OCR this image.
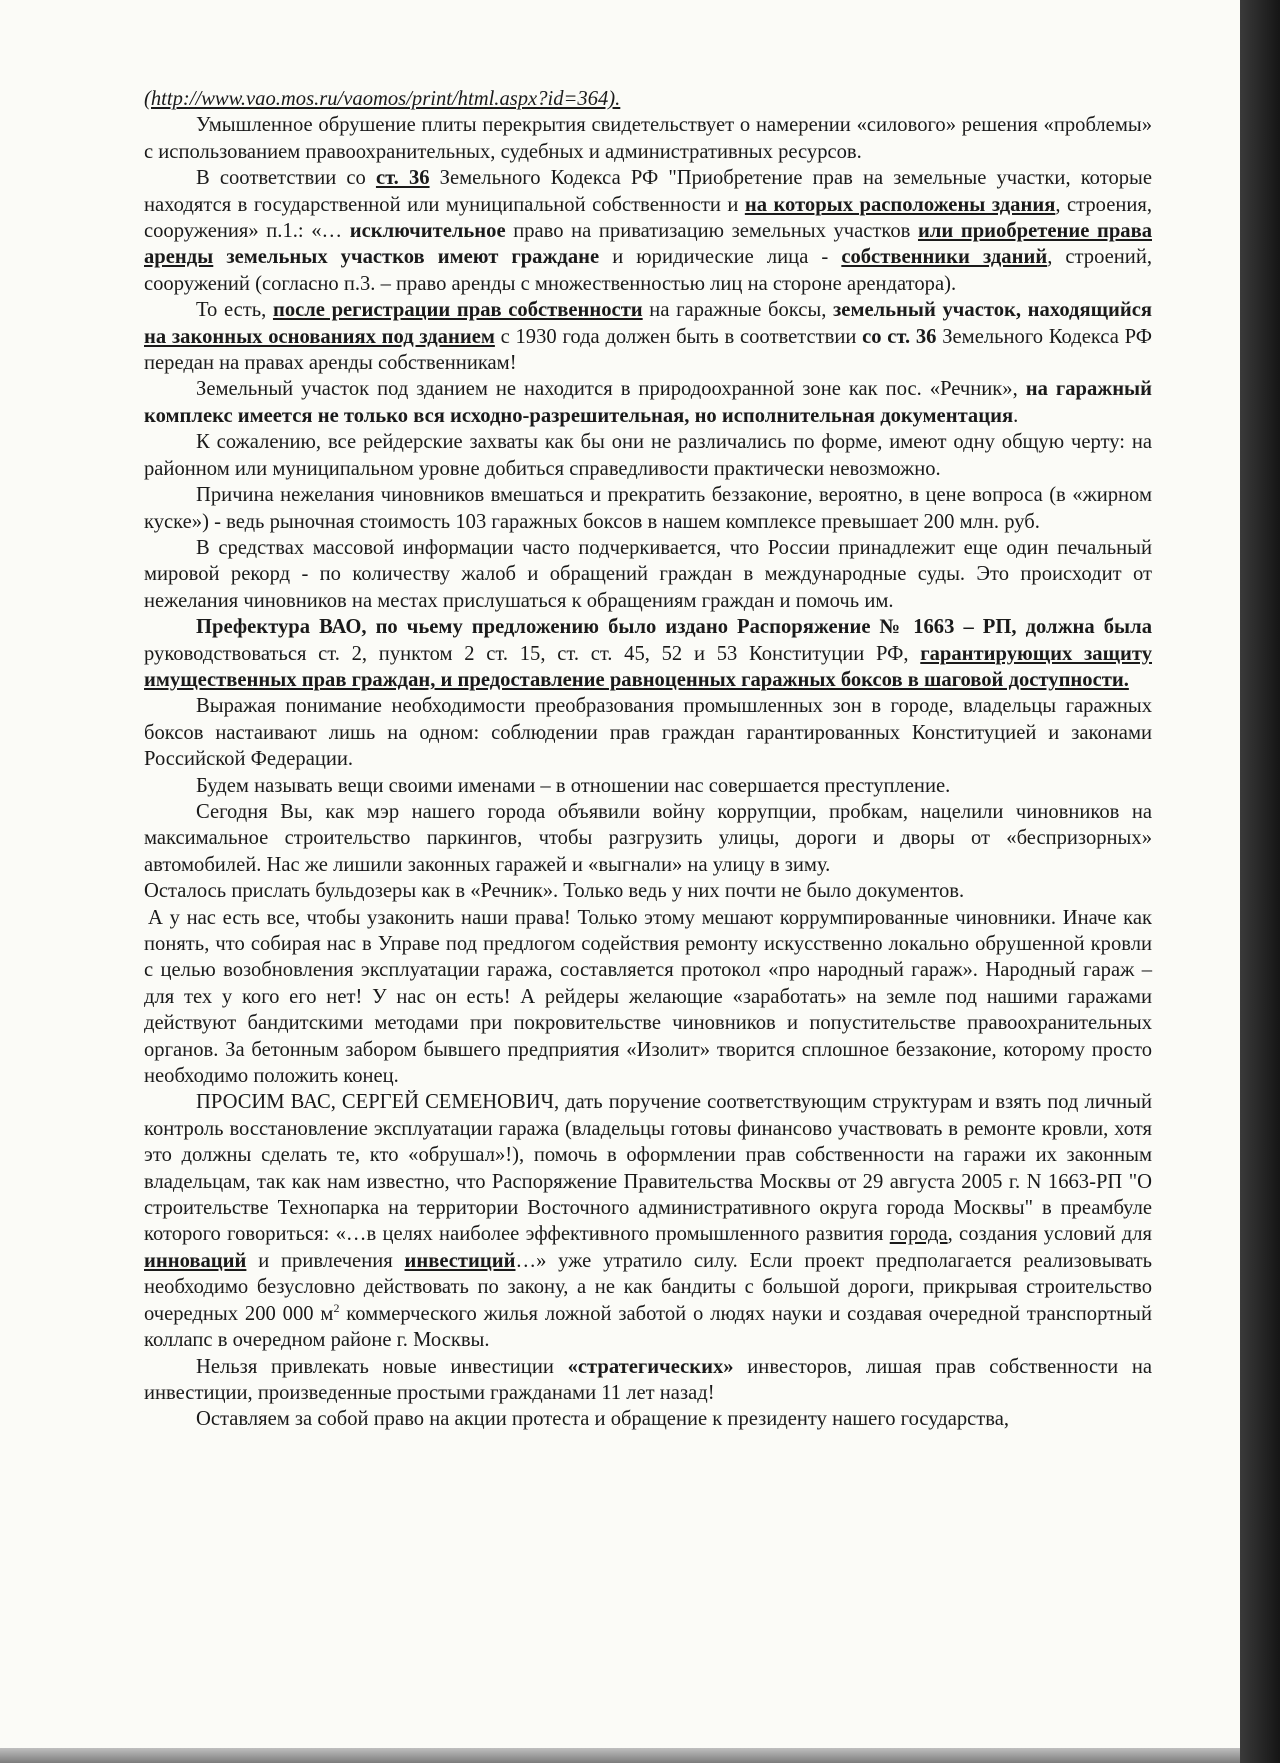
(http://www.vao.mos.ru/vaomos/print/html.aspx?id=364).

Умышленное обрушение плиты перекрытия свидетельствует о намерении «силового» решения «проблемы» с использованием правоохранительных, судебных и административных ресурсов.

В соответствии со ст. 36 Земельного Кодекса РФ "Приобретение прав на земельные участки, которые находятся в государственной или муниципальной собственности и на которых расположены здания, строения, сооружения» п.1.: «… исключительное право на приватизацию земельных участков или приобретение права аренды земельных участков имеют граждане и юридические лица - собственники зданий, строений, сооружений (согласно п.3. – право аренды с множественностью лиц на стороне арендатора).

То есть, после регистрации прав собственности на гаражные боксы, земельный участок, находящийся на законных основаниях под зданием с 1930 года должен быть в соответствии со ст. 36 Земельного Кодекса РФ передан на правах аренды собственникам!

Земельный участок под зданием не находится в природоохранной зоне как пос. «Речник», на гаражный комплекс имеется не только вся исходно-разрешительная, но исполнительная документация.

К сожалению, все рейдерские захваты как бы они не различались по форме, имеют одну общую черту: на районном или муниципальном уровне добиться справедливости практически невозможно.

Причина нежелания чиновников вмешаться и прекратить беззаконие, вероятно, в цене вопроса (в «жирном куске») - ведь рыночная стоимость 103 гаражных боксов в нашем комплексе превышает 200 млн. руб.

В средствах массовой информации часто подчеркивается, что России принадлежит еще один печальный мировой рекорд - по количеству жалоб и обращений граждан в международные суды. Это происходит от нежелания чиновников на местах прислушаться к обращениям граждан и помочь им.

Префектура ВАО, по чьему предложению было издано Распоряжение № 1663 – РП, должна была руководствоваться ст. 2, пунктом 2 ст. 15, ст. ст. 45, 52 и 53 Конституции РФ, гарантирующих защиту имущественных прав граждан, и предоставление равноценных гаражных боксов в шаговой доступности.

Выражая понимание необходимости преобразования промышленных зон в городе, владельцы гаражных боксов настаивают лишь на одном: соблюдении прав граждан гарантированных Конституцией и законами Российской Федерации.

Будем называть вещи своими именами – в отношении нас совершается преступление.

Сегодня Вы, как мэр нашего города объявили войну коррупции, пробкам, нацелили чиновников на максимальное строительство паркингов, чтобы разгрузить улицы, дороги и дворы от «беспризорных» автомобилей. Нас же лишили законных гаражей и «выгнали» на улицу в зиму.

Осталось прислать бульдозеры как в «Речник». Только ведь у них почти не было документов.

А у нас есть все, чтобы узаконить наши права! Только этому мешают коррумпированные чиновники. Иначе как понять, что собирая нас в Управе под предлогом содействия ремонту искусственно локально обрушенной кровли с целью возобновления эксплуатации гаража, составляется протокол «про народный гараж». Народный гараж – для тех у кого его нет! У нас он есть! А рейдеры желающие «заработать» на земле под нашими гаражами действуют бандитскими методами при покровительстве чиновников и попустительстве правоохранительных органов. За бетонным забором бывшего предприятия «Изолит» творится сплошное беззаконие, которому просто необходимо положить конец.

ПРОСИМ ВАС, СЕРГЕЙ СЕМЕНОВИЧ, дать поручение соответствующим структурам и взять под личный контроль восстановление эксплуатации гаража (владельцы готовы финансово участвовать в ремонте кровли, хотя это должны сделать те, кто «обрушал»!), помочь в оформлении прав собственности на гаражи их законным владельцам, так как нам известно, что Распоряжение Правительства Москвы от 29 августа 2005 г. N 1663-РП "О строительстве Технопарка на территории Восточного административного округа города Москвы" в преамбуле которого говориться: «…в целях наиболее эффективного промышленного развития города, создания условий для инноваций и привлечения инвестиций…» уже утратило силу. Если проект предполагается реализовывать необходимо безусловно действовать по закону, а не как бандиты с большой дороги, прикрывая строительство очередных 200 000 $м^2$ коммерческого жилья ложной заботой о людях науки и создавая очередной транспортный коллапс в очередном районе г. Москвы.

Нельзя привлекать новые инвестиции «стратегических» инвесторов, лишая прав собственности на инвестиции, произведенные простыми гражданами 11 лет назад!

Оставляем за собой право на акции протеста и обращение к президенту нашего государства,
